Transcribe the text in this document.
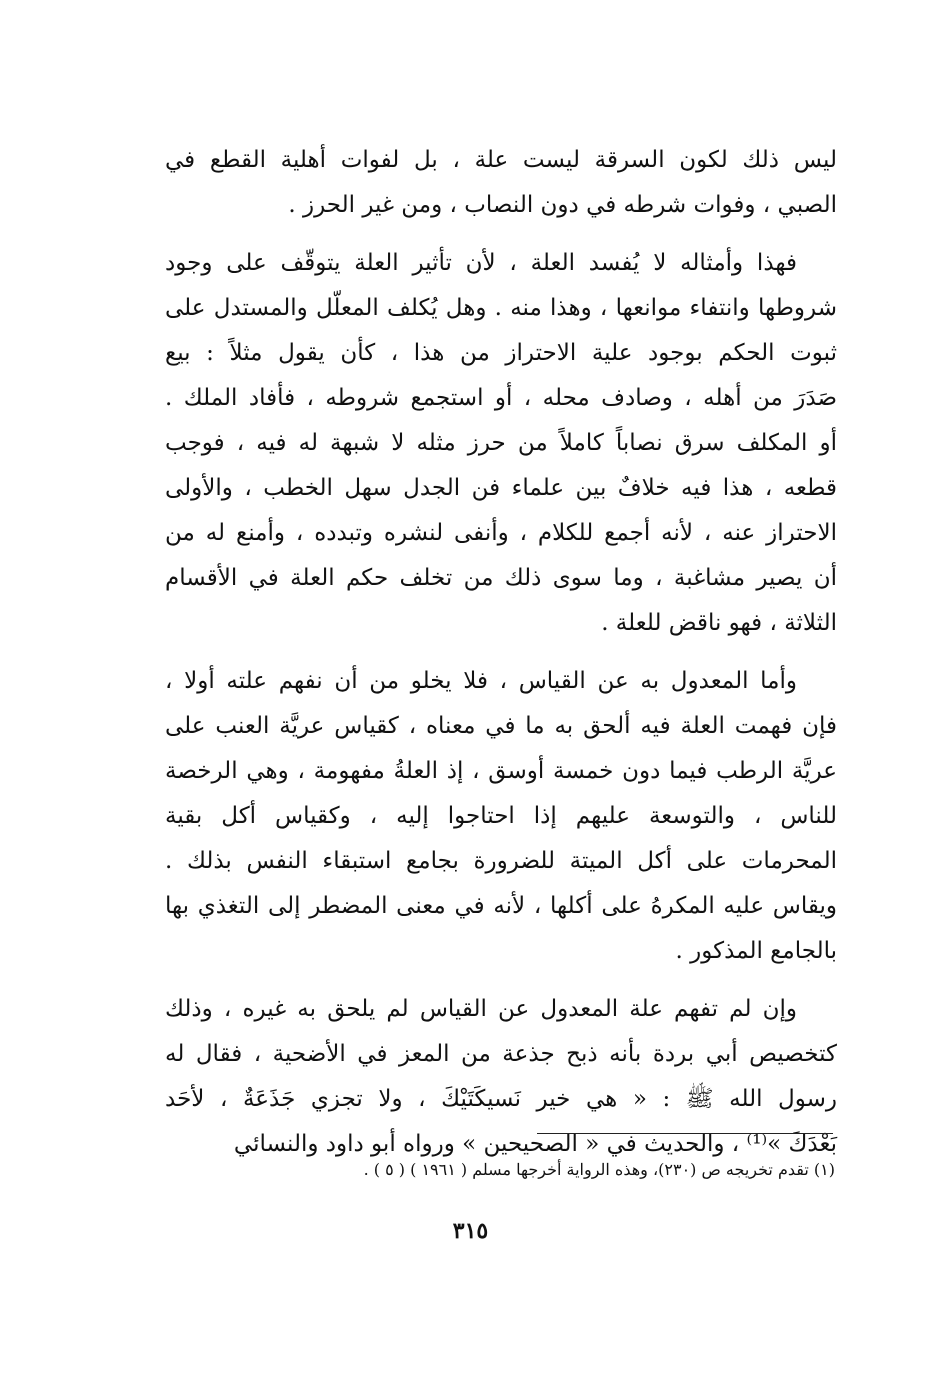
ليس ذلك لكون السرقة ليست علة ، بل لفوات أهلية القطع في
الصبي ، وفوات شرطه في دون النصاب ، ومن غير الحرز .
فهذا وأمثاله لا يُفسد العلة ، لأن تأثير العلة يتوقّف على وجود
شروطها وانتفاء موانعها ، وهذا منه . وهل يُكلف المعلّل والمستدل على
ثبوت الحكم بوجود علية الاحتراز من هذا ، كأن يقول مثلاً : بيع
صَدَرَ من أهله ، وصادف محله ، أو استجمع شروطه ، فأفاد الملك .
أو المكلف سرق نصاباً كاملاً من حرز مثله لا شبهة له فيه ، فوجب
قطعه ، هذا فيه خلافٌ بين علماء فن الجدل سهل الخطب ، والأولى
الاحتراز عنه ، لأنه أجمع للكلام ، وأنفى لنشره وتبدده ، وأمنع له من
أن يصير مشاغبة ، وما سوى ذلك من تخلف حكم العلة في الأقسام
الثلاثة ، فهو ناقض للعلة .
وأما المعدول به عن القياس ، فلا يخلو من أن نفهم علته أولا ،
فإن فهمت العلة فيه ألحق به ما في معناه ، كقياس عريَّة العنب على
عريَّة الرطب فيما دون خمسة أوسق ، إذ العلةُ مفهومة ، وهي الرخصة
للناس ، والتوسعة عليهم إذا احتاجوا إليه ، وكقياس أكل بقية
المحرمات على أكل الميتة للضرورة بجامع استبقاء النفس بذلك .
ويقاس عليه المكرهُ على أكلها ، لأنه في معنى المضطر إلى التغذي بها
بالجامع المذكور .
وإن لم تفهم علة المعدول عن القياس لم يلحق به غيره ، وذلك
كتخصيص أبي بردة بأنه ذبح جذعة من المعز في الأضحية ، فقال له
رسول الله ﷺ : « هي خير نَسيكَتَيْكَ ، ولا تجزي جَذَعَةٌ ، لأحَد
بَعْدَكَ »⁽¹⁾ ، والحديث في « الصحيحين » ورواه أبو داود والنسائي
(١) تقدم تخريجه ص (٢٣٠)، وهذه الرواية أخرجها مسلم ( ١٩٦١ ) ( ٥ ) .
٣١٥
